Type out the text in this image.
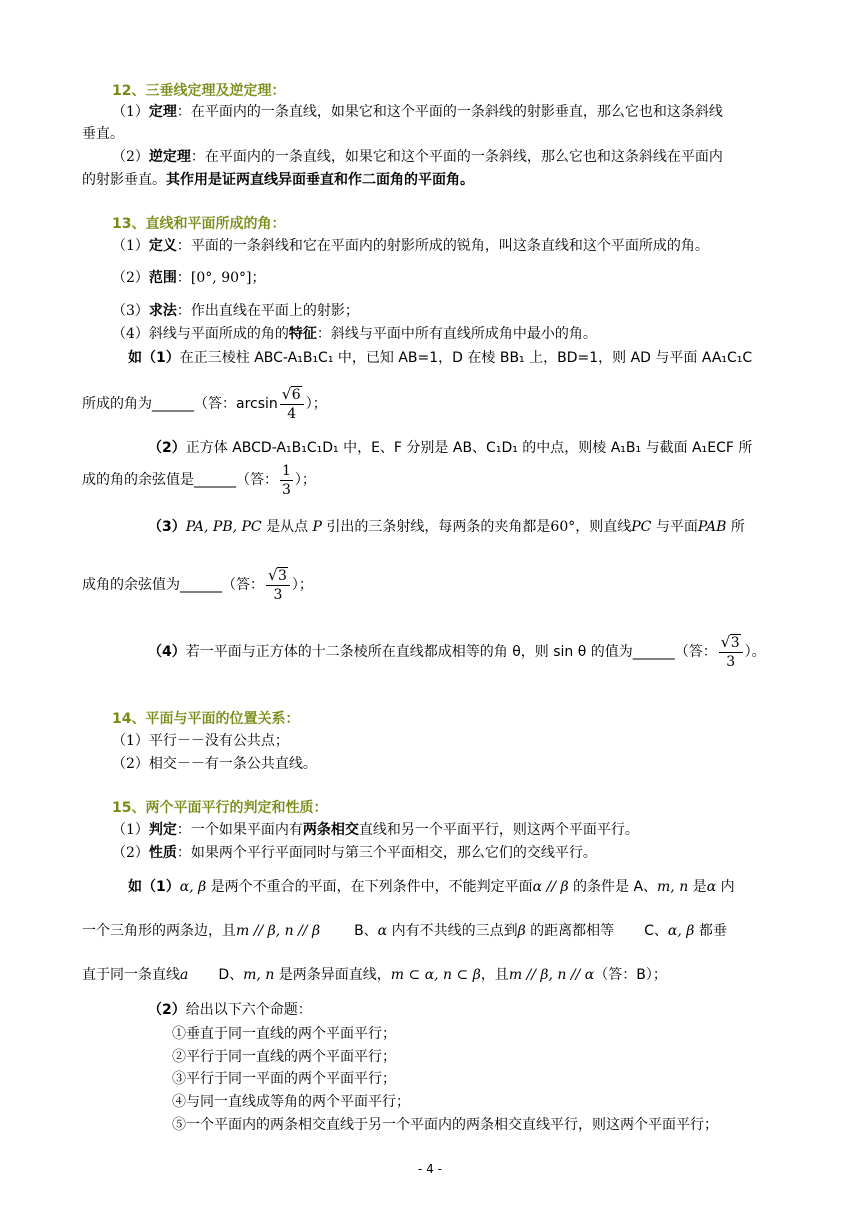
12、三垂线定理及逆定理：
（1）定理：在平面内的一条直线，如果它和这个平面的一条斜线的射影垂直，那么它也和这条斜线
垂直。
（2）逆定理：在平面内的一条直线，如果它和这个平面的一条斜线，那么它也和这条斜线在平面内
的射影垂直。其作用是证两直线异面垂直和作二面角的平面角。
13、直线和平面所成的角：
（1）定义：平面的一条斜线和它在平面内的射影所成的锐角，叫这条直线和这个平面所成的角。
（2）范围：[0°, 90°]；
（3）求法：作出直线在平面上的射影；
（4）斜线与平面所成的角的特征：斜线与平面中所有直线所成角中最小的角。
如（1）在正三棱柱 ABC-A₁B₁C₁ 中，已知 AB=1，D 在棱 BB₁ 上，BD=1，则 AD 与平面 AA₁C₁C
所成的角为______（答：$\arcsin \frac{√ 6}{4}$ ）；
（2）正方体 ABCD-A₁B₁C₁D₁ 中，E、F 分别是 AB、C₁D₁ 的中点，则棱 A₁B₁ 与截面 A₁ECF 所
成的角的余弦值是______（答： $\frac{1}{3}$ ）；
（3）PA, PB, PC 是从点 P 引出的三条射线，每两条的夹角都是60°，则直线PC 与平面PAB 所
成角的余弦值为______（答： $\frac{√ 3}{3}$ ）；
（4）若一平面与正方体的十二条棱所在直线都成相等的角 θ，则 sin θ 的值为______（答： $\frac{√ 3}{3}$ ）。
14、平面与平面的位置关系：
（1）平行－－没有公共点；
（2）相交－－有一条公共直线。
15、两个平面平行的判定和性质：
（1）判定：一个如果平面内有两条相交直线和另一个平面平行，则这两个平面平行。
（2）性质：如果两个平行平面同时与第三个平面相交，那么它们的交线平行。
如（1）α, β 是两个不重合的平面，在下列条件中，不能判定平面α // β 的条件是 A、m, n 是α 内
一个三角形的两条边，且m // β, n // β B、α 内有不共线的三点到β 的距离都相等 C、α, β 都垂
直于同一条直线a D、m, n 是两条异面直线，m ⊂ α, n ⊂ β，且m // β, n // α（答：B）；
（2）给出以下六个命题：
①垂直于同一直线的两个平面平行；
②平行于同一直线的两个平面平行；
③平行于同一平面的两个平面平行；
④与同一直线成等角的两个平面平行；
⑤一个平面内的两条相交直线于另一个平面内的两条相交直线平行，则这两个平面平行；
- 4 -
